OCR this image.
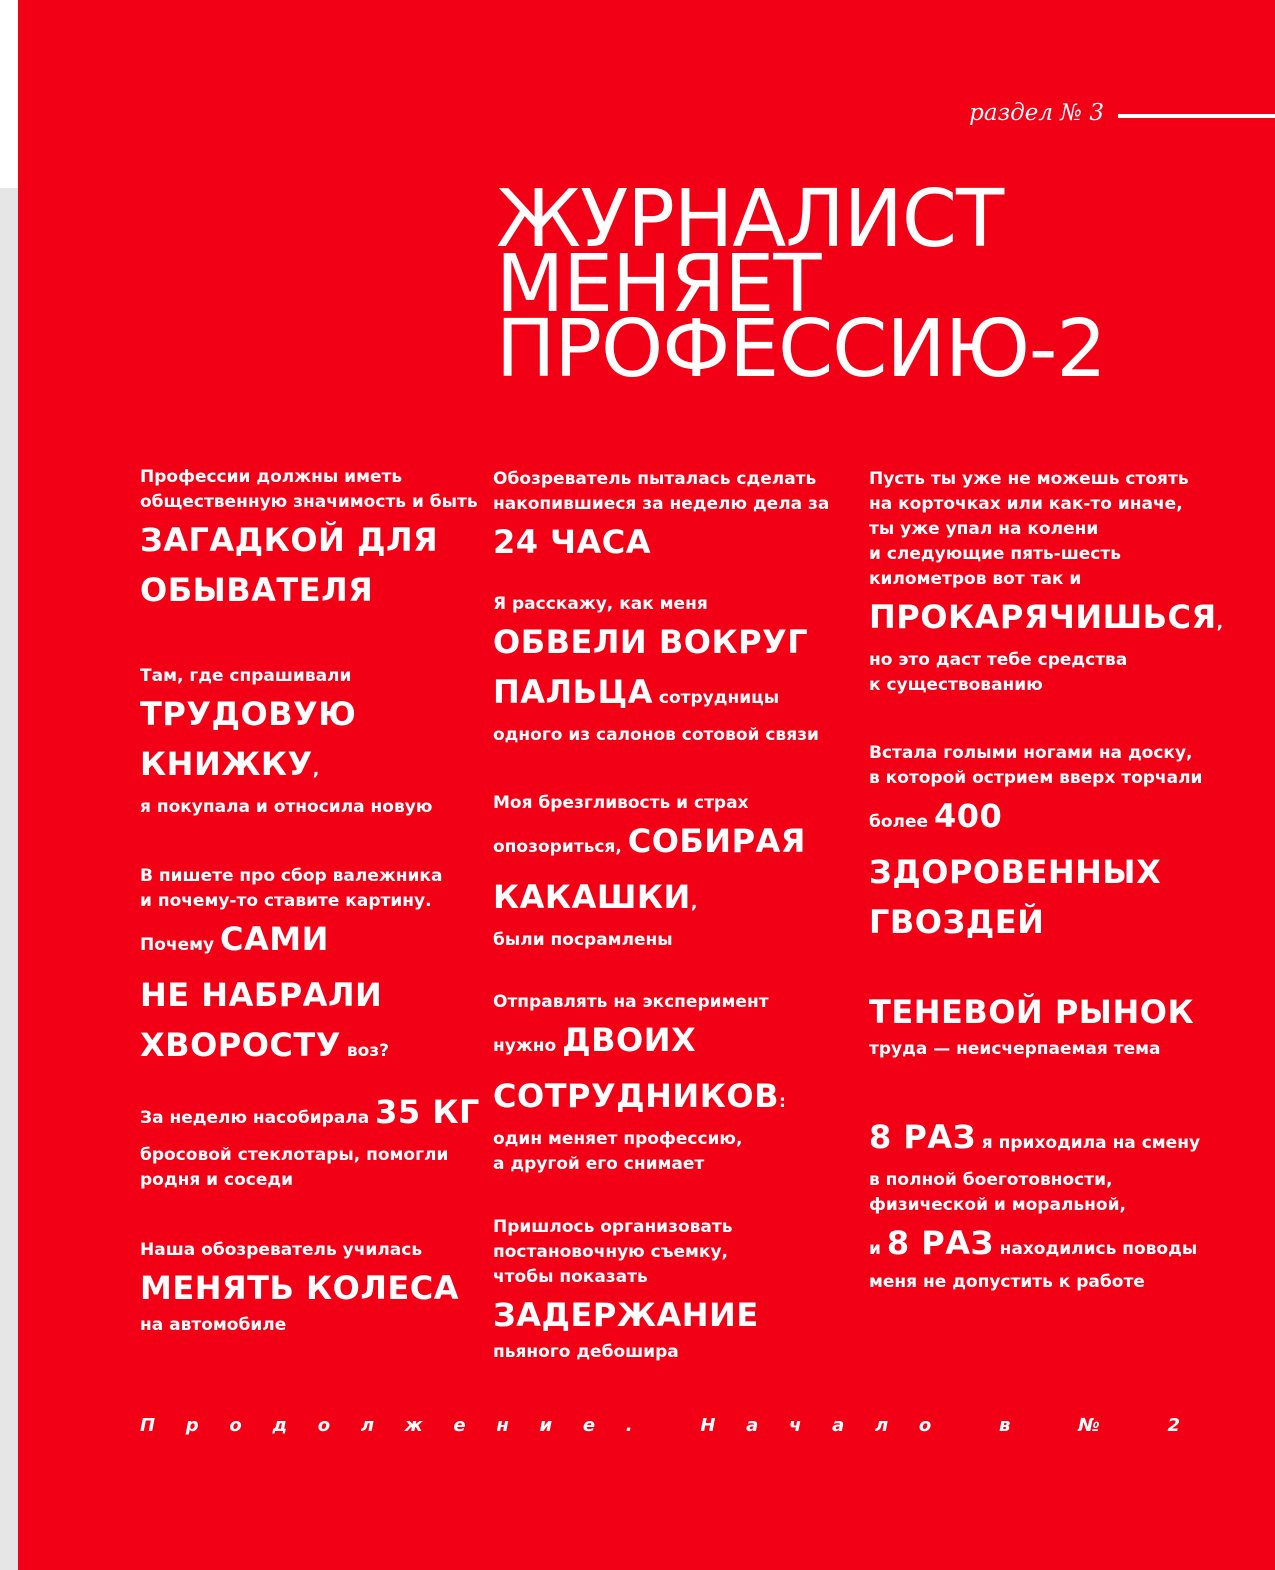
раздел № 3
ЖУРНАЛИСТ
МЕНЯЕТ
ПРОФЕССИЮ-2
Профессии должны иметь
общественную значимость и быть
ЗАГАДКОЙ ДЛЯ
ОБЫВАТЕЛЯ
Там, где спрашивали
ТРУДОВУЮ
КНИЖКУ,
я покупала и относила новую
В пишете про сбор валежника
и почему-то ставите картину.
Почему САМИ
НЕ НАБРАЛИ
ХВОРОСТУ воз?
За неделю насобирала 35 КГ
бросовой стеклотары, помогли
родня и соседи
Наша обозреватель училась
МЕНЯТЬ КОЛЕСА
на автомобиле
Обозреватель пыталась сделать
накопившиеся за неделю дела за
24 ЧАСА
Я расскажу, как меня
ОБВЕЛИ ВОКРУГ
ПАЛЬЦА сотрудницы
одного из салонов сотовой связи
Моя брезгливость и страх
опозориться, СОБИРАЯ
КАКАШКИ,
были посрамлены
Отправлять на эксперимент
нужно ДВОИХ
СОТРУДНИКОВ:
один меняет профессию,
а другой его снимает
Пришлось организовать
постановочную съемку,
чтобы показать
ЗАДЕРЖАНИЕ
пьяного дебошира
Пусть ты уже не можешь стоять
на корточках или как-то иначе,
ты уже упал на колени
и следующие пять-шесть
километров вот так и
ПРОКАРЯЧИШЬСЯ,
но это даст тебе средства
к существованию
Встала голыми ногами на доску,
в которой острием вверх торчали
более 400
ЗДОРОВЕННЫХ
ГВОЗДЕЙ
ТЕНЕВОЙ РЫНОК
труда — неисчерпаемая тема
8 РАЗ я приходила на смену
в полной боеготовности,
физической и моральной,
и 8 РАЗ находились поводы
меня не допустить к работе
П р о д о л ж е н и е .
	Н а ч а л о
	в
	№
	2
